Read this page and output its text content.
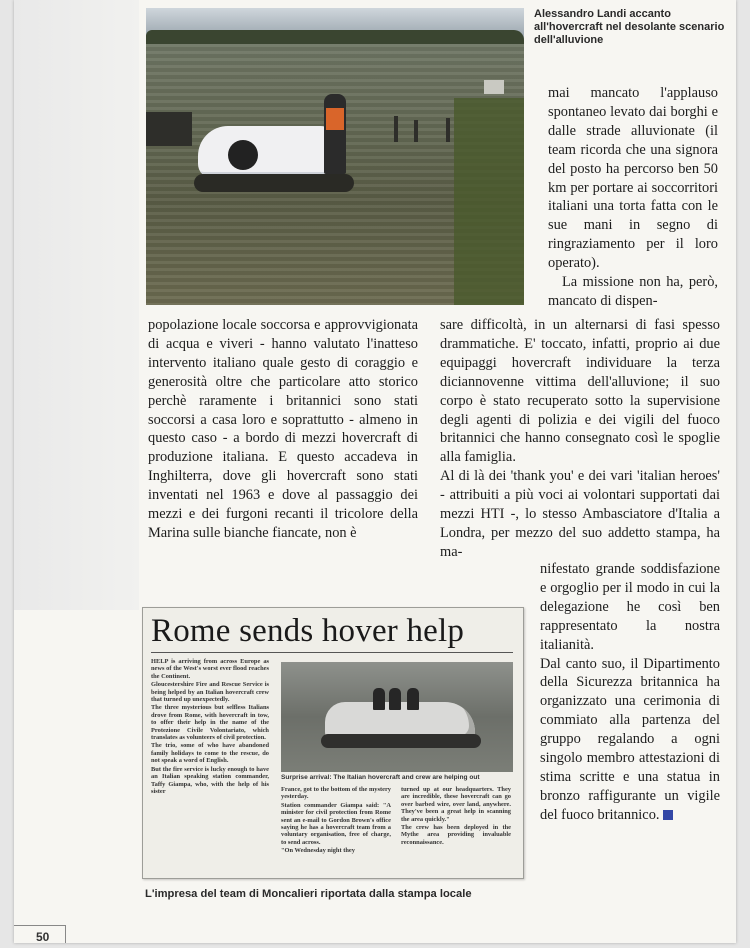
Alessandro Landi accanto all'hovercraft nel desolante scenario dell'alluvione

mai mancato l'applauso spontaneo levato dai borghi e dalle strade alluvionate (il team ricorda che una signora del posto ha percorso ben 50 km per portare ai soccorritori italiani una torta fatta con le sue mani in segno di ringraziamento per il loro operato).

La missione non ha, però, mancato di dispen-

popolazione locale soccorsa e approvvigionata di acqua e viveri - hanno valutato l'inatteso intervento italiano quale gesto di coraggio e generosità oltre che particolare atto storico perchè raramente i britannici sono stati soccorsi a casa loro e soprattutto - almeno in questo caso - a bordo di mezzi hovercraft di produzione italiana. E questo accadeva in Inghilterra, dove gli hovercraft sono stati inventati nel 1963 e dove al passaggio dei mezzi e dei furgoni recanti il tricolore della Marina sulle bianche fiancate, non è

sare difficoltà, in un alternarsi di fasi spesso drammatiche. E' toccato, infatti, proprio ai due equipaggi hovercraft individuare la terza diciannovenne vittima dell'alluvione; il suo corpo è stato recuperato sotto la supervisione degli agenti di polizia e dei vigili del fuoco britannici che hanno consegnato così le spoglie alla famiglia.

Al di là dei 'thank you' e dei vari 'italian heroes' - attribuiti a più voci ai volontari supportati dai mezzi HTI -, lo stesso Ambasciatore d'Italia a Londra, per mezzo del suo addetto stampa, ha ma-

nifestato grande soddisfazione e orgoglio per il modo in cui la delegazione he così ben rappresentato la nostra italianità.

Dal canto suo, il Dipartimento della Sicurezza britannica ha organizzato una cerimonia di commiato alla partenza del gruppo regalando a ogni singolo membro attestazioni di stima scritte e una statua in bronzo raffigurante un vigile del fuoco britannico.

Rome sends hover help

HELP is arriving from across Europe as news of the West's worst ever flood reaches the Continent.

Gloucestershire Fire and Rescue Service is being helped by an Italian hovercraft crew that turned up unexpectedly.

The three mysterious but selfless Italians drove from Rome, with hovercraft in tow, to offer their help in the name of the Protezione Civile Volontariato, which translates as volunteers of civil protection.

The trio, some of who have abandoned family holidays to come to the rescue, do not speak a word of English.

But the fire service is lucky enough to have an Italian speaking station commander, Taffy Giampa, who, with the help of his sister

Surprise arrival: The Italian hovercraft and crew are helping out

France, got to the bottom of the mystery yesterday.

Station commander Giampa said: "A minister for civil protection from Rome sent an e-mail to Gordon Brown's office saying he has a hovercraft team from a voluntary organisation, free of charge, to send across.

"On Wednesday night they

turned up at our headquarters. They are incredible, these hovercraft can go over barbed wire, over land, anywhere. They've been a great help in scanning the area quickly."

The crew has been deployed in the Mythe area providing invaluable reconnaissance.

L'impresa del team di Moncalieri riportata dalla stampa locale
50
